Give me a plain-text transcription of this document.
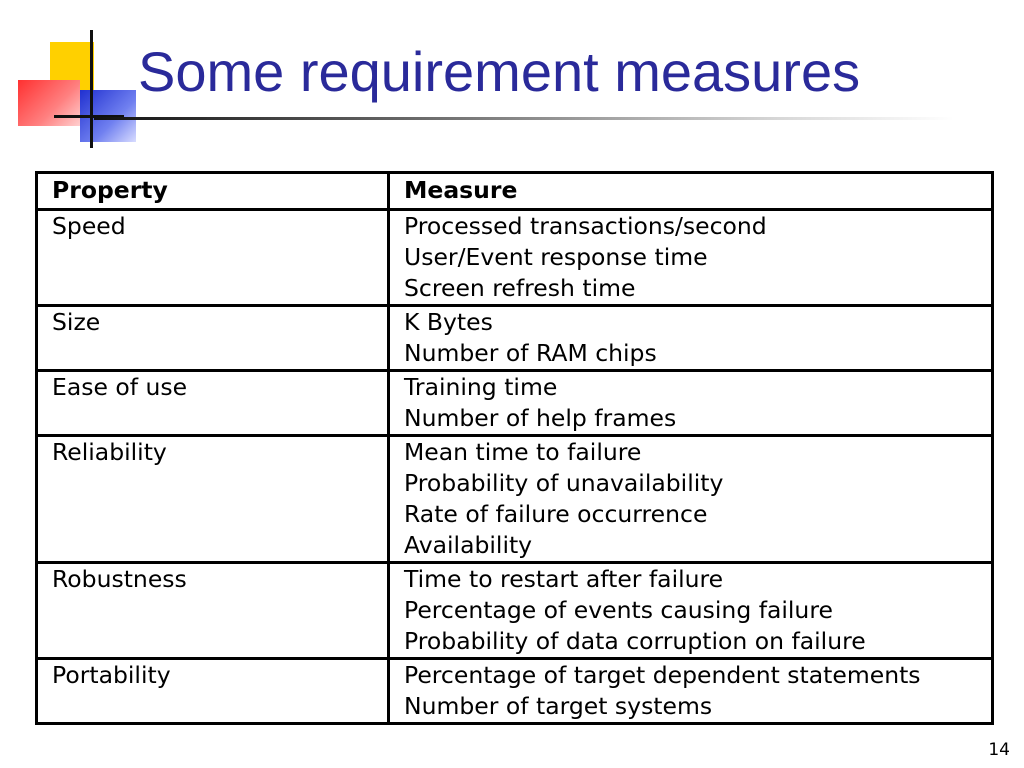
Some requirement measures
Property	Measure
Speed	Processed transactions/second
User/Event response time
Screen refresh time

Size	K Bytes
Number of RAM chips

Ease of use	Training time
Number of help frames

Reliability	Mean time to failure
Probability of unavailability
Rate of failure occurrence
Availability

Robustness	Time to restart after failure
Percentage of events causing failure
Probability of data corruption on failure

Portability	Percentage of target dependent statements
Number of target systems
14
